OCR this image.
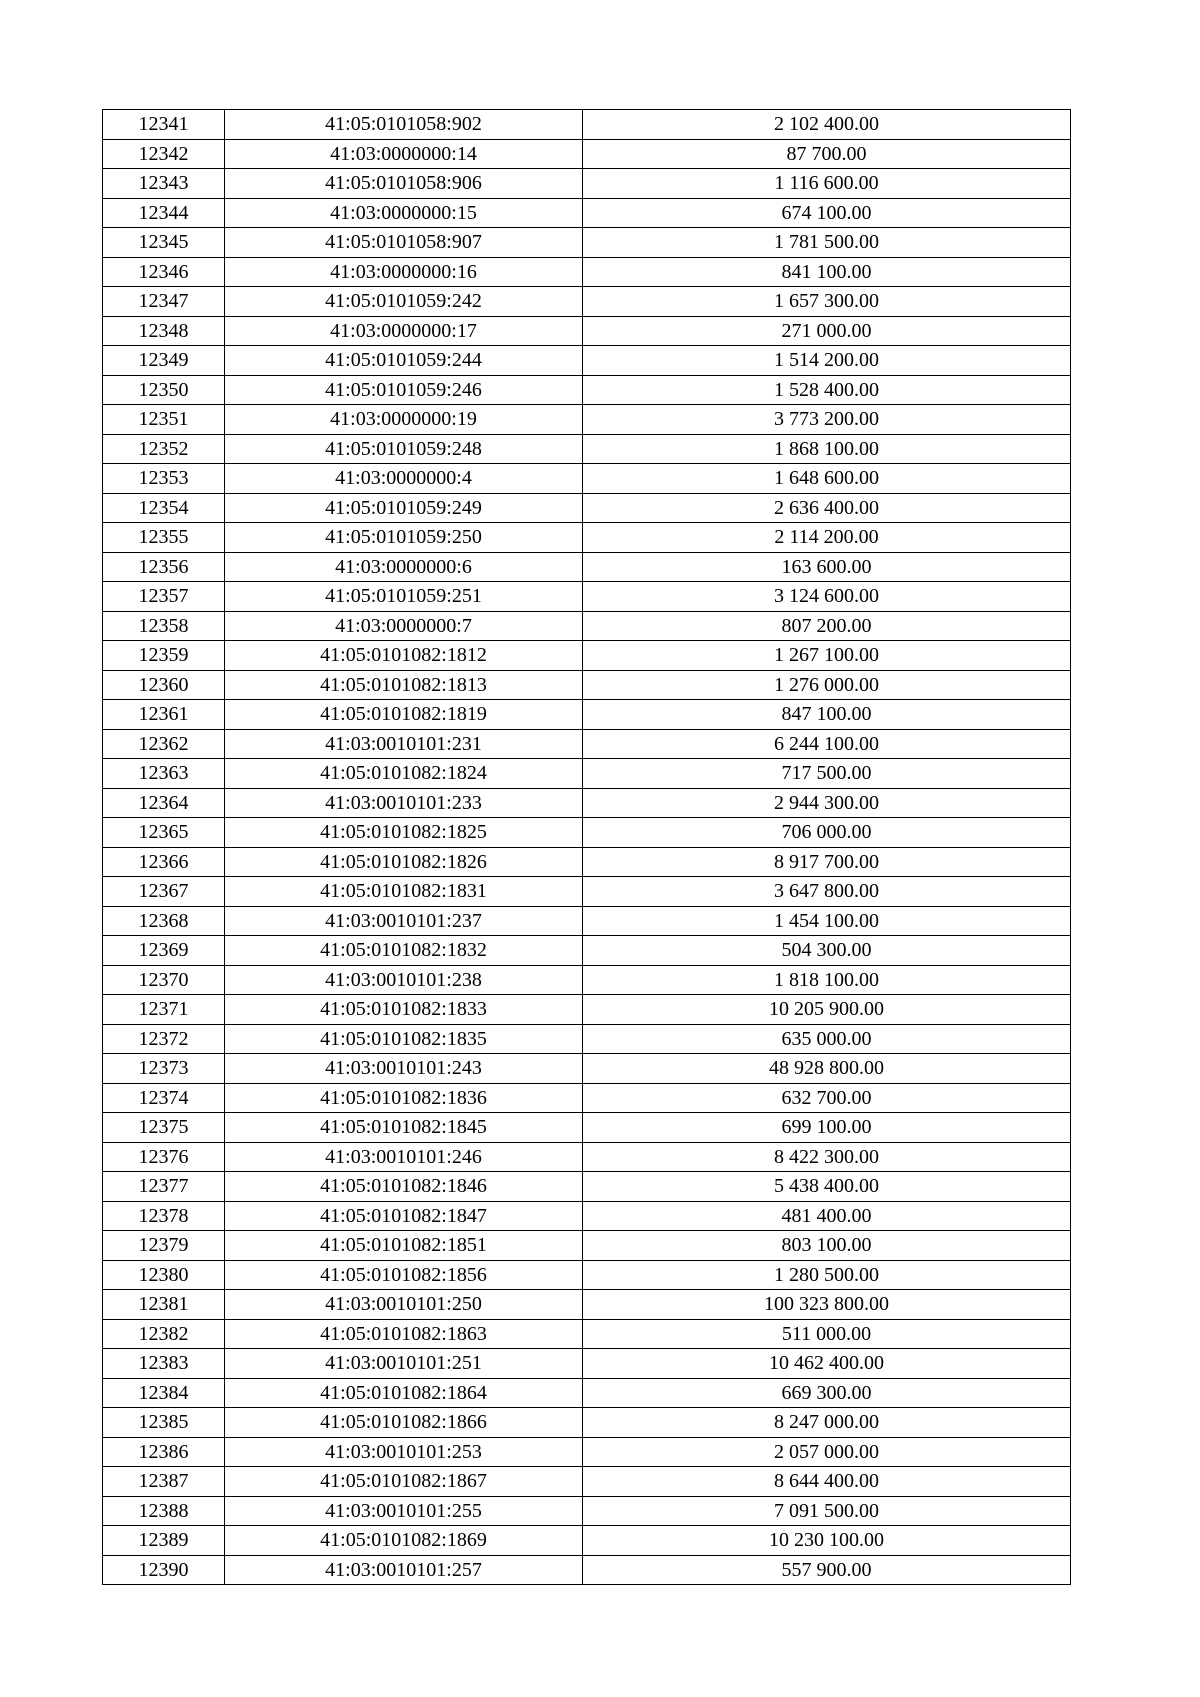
12341	41:05:0101058:902	2 102 400.00
12342	41:03:0000000:14	87 700.00
12343	41:05:0101058:906	1 116 600.00
12344	41:03:0000000:15	674 100.00
12345	41:05:0101058:907	1 781 500.00
12346	41:03:0000000:16	841 100.00
12347	41:05:0101059:242	1 657 300.00
12348	41:03:0000000:17	271 000.00
12349	41:05:0101059:244	1 514 200.00
12350	41:05:0101059:246	1 528 400.00
12351	41:03:0000000:19	3 773 200.00
12352	41:05:0101059:248	1 868 100.00
12353	41:03:0000000:4	1 648 600.00
12354	41:05:0101059:249	2 636 400.00
12355	41:05:0101059:250	2 114 200.00
12356	41:03:0000000:6	163 600.00
12357	41:05:0101059:251	3 124 600.00
12358	41:03:0000000:7	807 200.00
12359	41:05:0101082:1812	1 267 100.00
12360	41:05:0101082:1813	1 276 000.00
12361	41:05:0101082:1819	847 100.00
12362	41:03:0010101:231	6 244 100.00
12363	41:05:0101082:1824	717 500.00
12364	41:03:0010101:233	2 944 300.00
12365	41:05:0101082:1825	706 000.00
12366	41:05:0101082:1826	8 917 700.00
12367	41:05:0101082:1831	3 647 800.00
12368	41:03:0010101:237	1 454 100.00
12369	41:05:0101082:1832	504 300.00
12370	41:03:0010101:238	1 818 100.00
12371	41:05:0101082:1833	10 205 900.00
12372	41:05:0101082:1835	635 000.00
12373	41:03:0010101:243	48 928 800.00
12374	41:05:0101082:1836	632 700.00
12375	41:05:0101082:1845	699 100.00
12376	41:03:0010101:246	8 422 300.00
12377	41:05:0101082:1846	5 438 400.00
12378	41:05:0101082:1847	481 400.00
12379	41:05:0101082:1851	803 100.00
12380	41:05:0101082:1856	1 280 500.00
12381	41:03:0010101:250	100 323 800.00
12382	41:05:0101082:1863	511 000.00
12383	41:03:0010101:251	10 462 400.00
12384	41:05:0101082:1864	669 300.00
12385	41:05:0101082:1866	8 247 000.00
12386	41:03:0010101:253	2 057 000.00
12387	41:05:0101082:1867	8 644 400.00
12388	41:03:0010101:255	7 091 500.00
12389	41:05:0101082:1869	10 230 100.00
12390	41:03:0010101:257	557 900.00
